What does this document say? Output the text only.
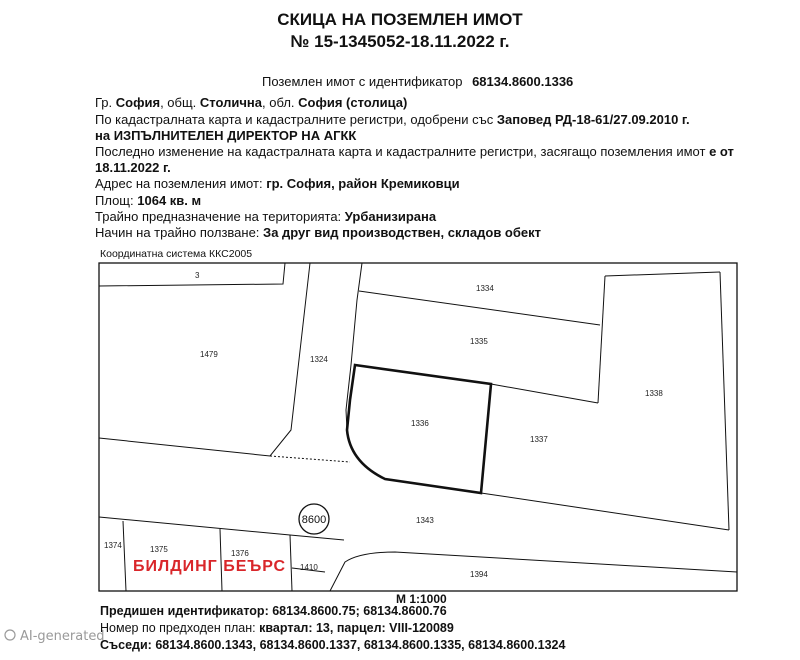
СКИЦА НА ПОЗЕМЛЕН ИМОТ
№ 15-1345052-18.11.2022 г.
Поземлен имот с идентификатор 68134.8600.1336
Гр. София, общ. Столична, обл. София (столица)
По кадастралната карта и кадастралните регистри, одобрени със Заповед РД-18-61/27.09.2010 г.
на ИЗПЪЛНИТЕЛЕН ДИРЕКТОР НА АГКК
Последно изменение на кадастралната карта и кадастралните регистри, засягащо поземления имот е от
18.11.2022 г.
Адрес на поземления имот: гр. София, район Кремиковци
Площ: 1064 кв. м
Трайно предназначение на територията: Урбанизирана
Начин на трайно ползване: За друг вид производствен, складов обект
Координатна система ККС2005
8600
3
1479
1324
1334
1335
1336
1337
1338
1343
1374	1375	1376
1410
1394
БИЛДИНГ БЕЪРС
AI-generated
М 1:1000
Предишен идентификатор: 68134.8600.75; 68134.8600.76
Номер по предходен план: квартал: 13, парцел: VIII-120089
Съседи: 68134.8600.1343, 68134.8600.1337, 68134.8600.1335, 68134.8600.1324
